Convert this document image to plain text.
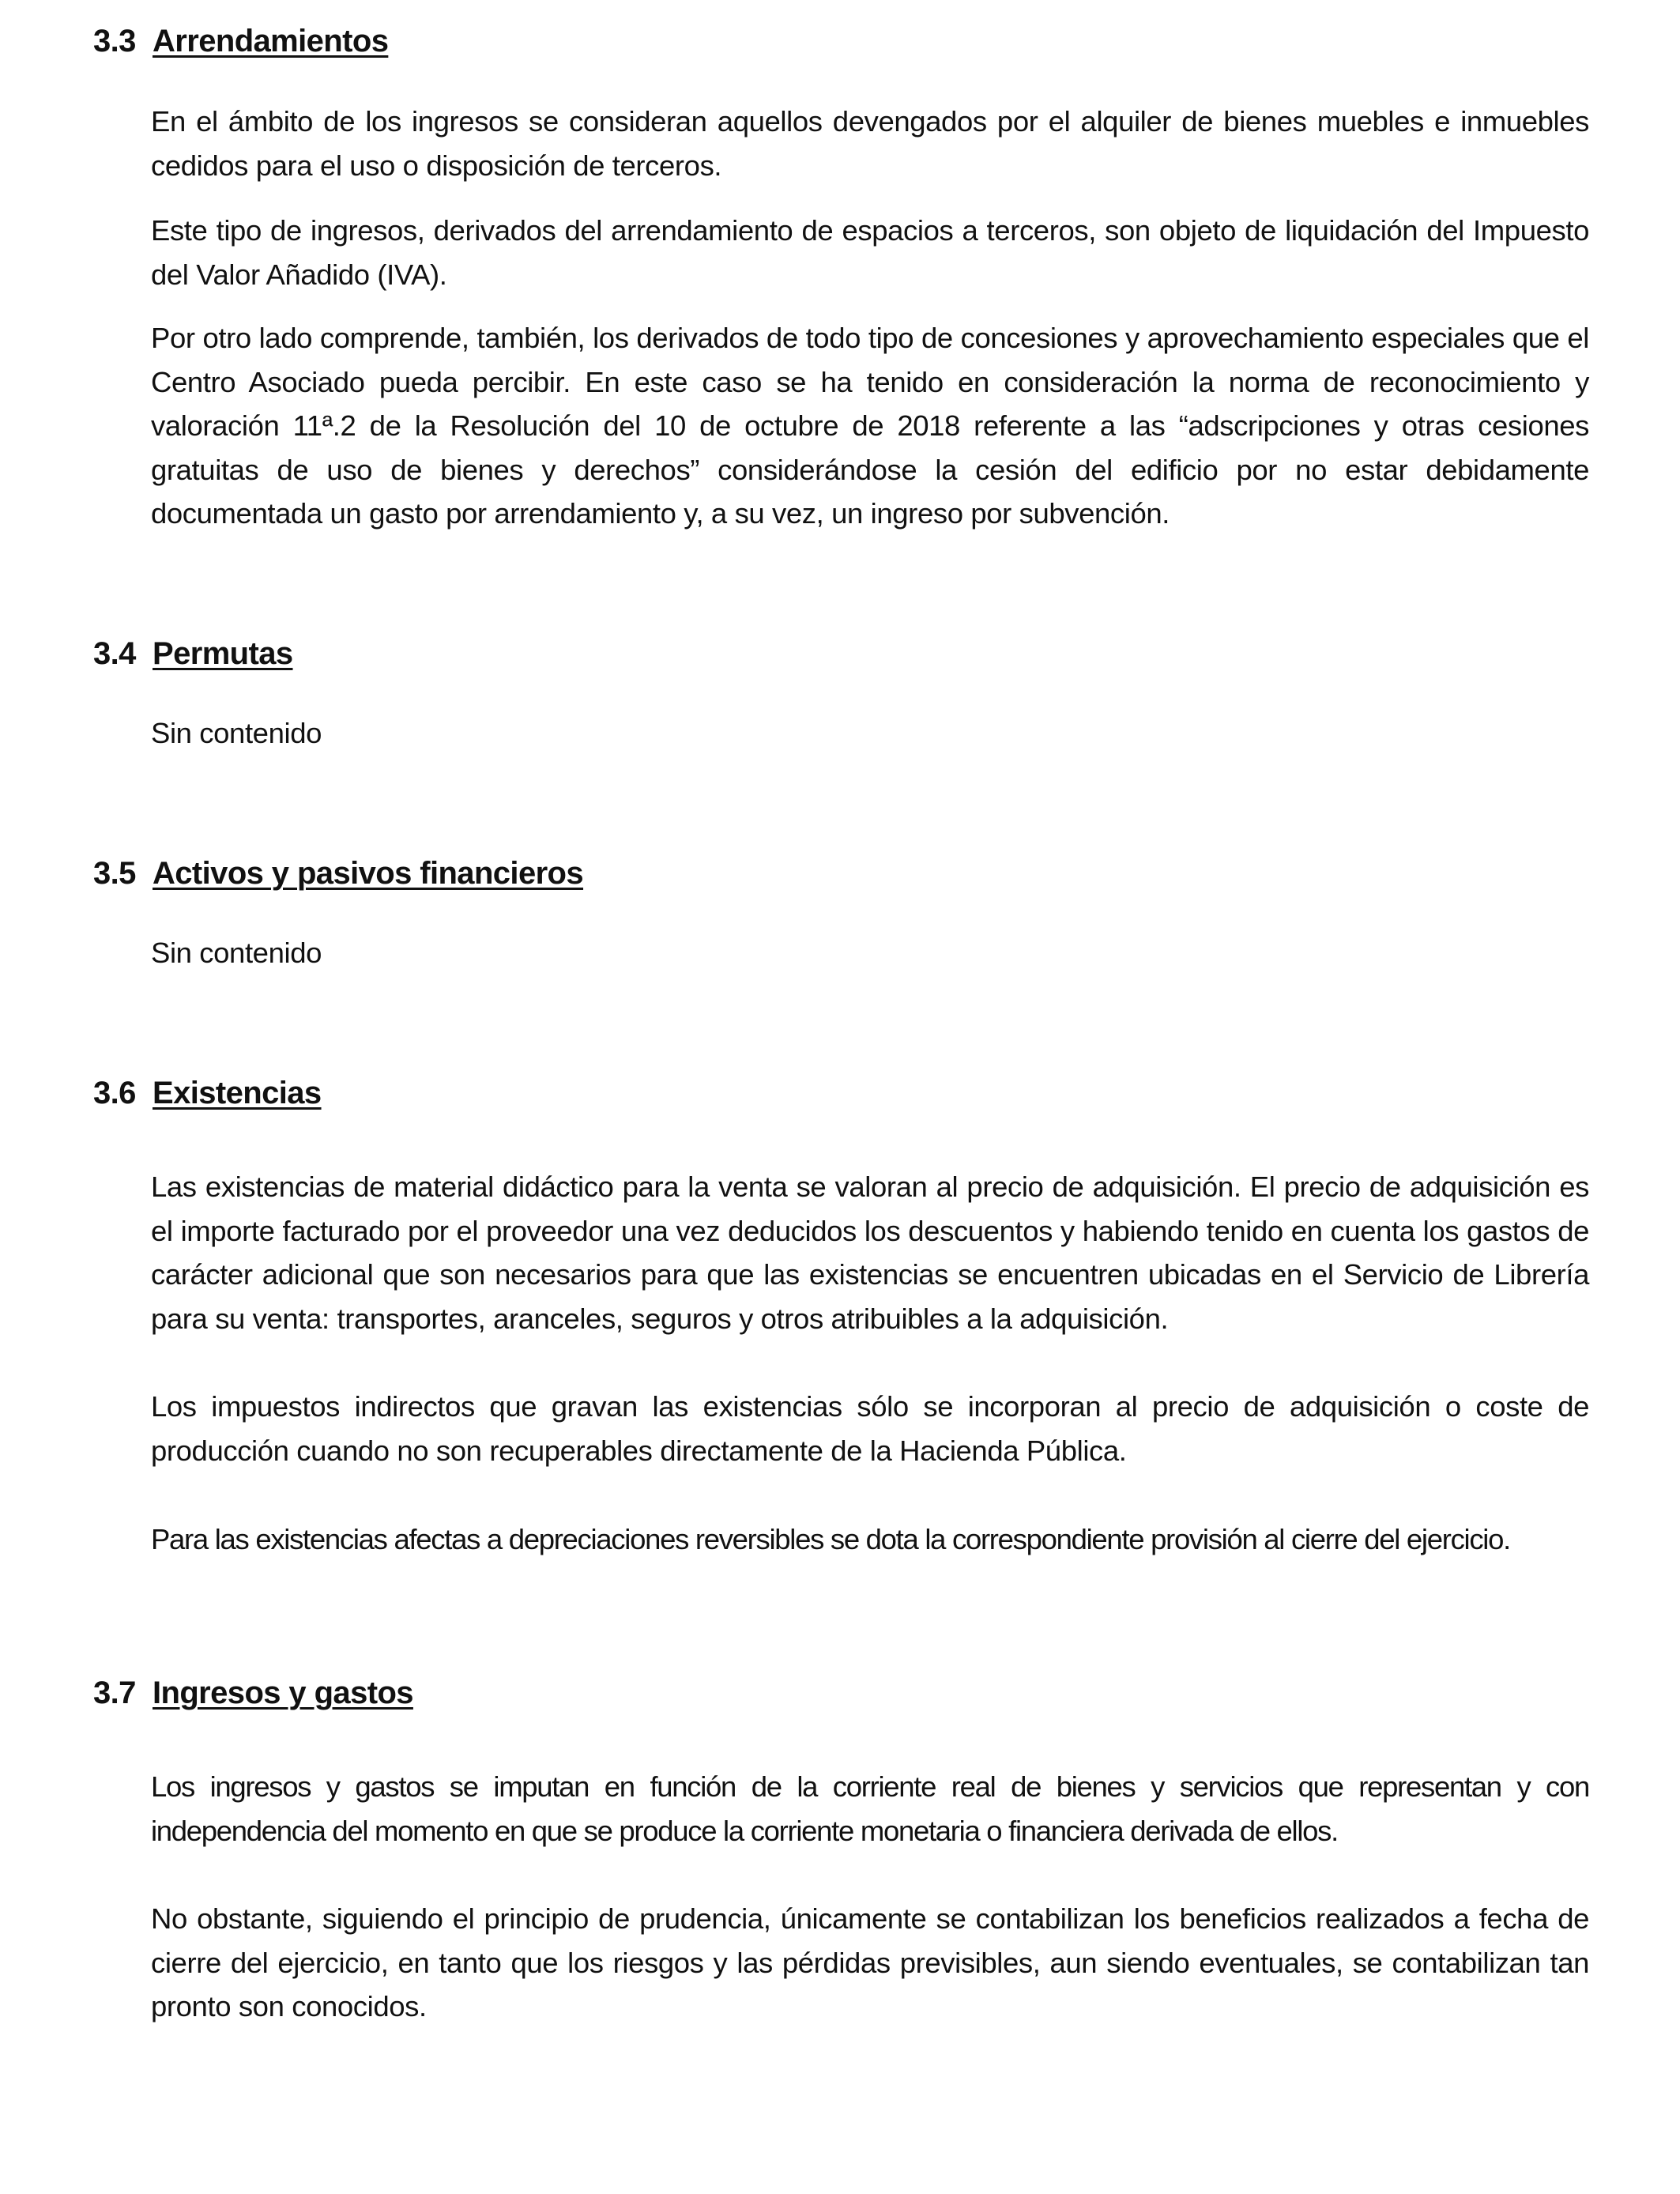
3.3 Arrendamientos

En el ámbito de los ingresos se consideran aquellos devengados por el alquiler de bienes muebles e inmuebles cedidos para el uso o disposición de terceros.

Este tipo de ingresos, derivados del arrendamiento de espacios a terceros, son objeto de liquidación del Impuesto del Valor Añadido (IVA).

Por otro lado comprende, también, los derivados de todo tipo de concesiones y aprovechamiento especiales que el Centro Asociado pueda percibir. En este caso se ha tenido en consideración la norma de reconocimiento y valoración 11ª.2 de la Resolución del 10 de octubre de 2018 referente a las “adscripciones y otras cesiones gratuitas de uso de bienes y derechos” considerándose la cesión del edificio por no estar debidamente documentada un gasto por arrendamiento y, a su vez, un ingreso por subvención.

3.4 Permutas

Sin contenido

3.5 Activos y pasivos financieros

Sin contenido

3.6 Existencias

Las existencias de material didáctico para la venta se valoran al precio de adquisición. El precio de adquisición es el importe facturado por el proveedor una vez deducidos los descuentos y habiendo tenido en cuenta los gastos de carácter adicional que son necesarios para que las existencias se encuentren ubicadas en el Servicio de Librería para su venta: transportes, aranceles, seguros y otros atribuibles a la adquisición.

Los impuestos indirectos que gravan las existencias sólo se incorporan al precio de adquisición o coste de producción cuando no son recuperables directamente de la Hacienda Pública.

Para las existencias afectas a depreciaciones reversibles se dota la correspondiente provisión al cierre del ejercicio.

3.7 Ingresos y gastos

Los ingresos y gastos se imputan en función de la corriente real de bienes y servicios que representan y con independencia del momento en que se produce la corriente monetaria o financiera derivada de ellos.

No obstante, siguiendo el principio de prudencia, únicamente se contabilizan los beneficios realizados a fecha de cierre del ejercicio, en tanto que los riesgos y las pérdidas previsibles, aun siendo eventuales, se contabilizan tan pronto son conocidos.
